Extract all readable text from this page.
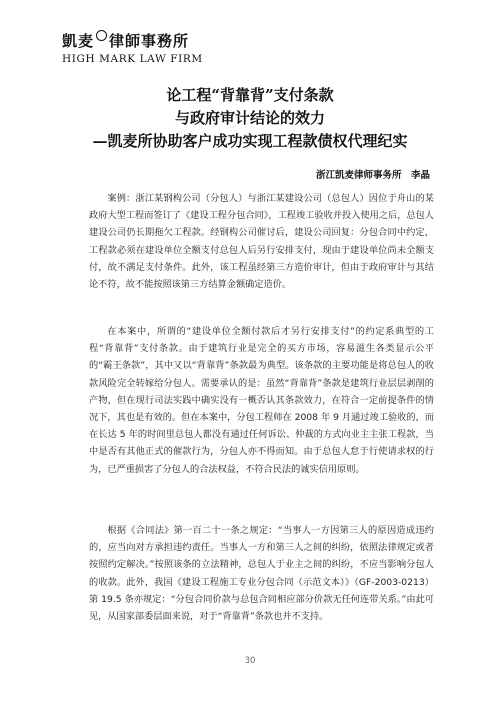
凱麦 ○ 律師事務所
HIGH MARK LAW FIRM
论工程“背靠背”支付条款
与政府审计结论的效力
—凯麦所协助客户成功实现工程款债权代理纪实
浙江凯麦律师事务所　李晶

案例：浙江某钢构公司（分包人）与浙江某建设公司（总包人）因位于舟山的某政府大型工程而签订了《建设工程分包合同》，工程竣工验收并投入使用之后，总包人建设公司仍长期拖欠工程款。经钢构公司催讨后，建设公司回复：分包合同中约定，工程款必须在建设单位全额支付总包人后另行安排支付，现由于建设单位尚未全额支付，故不满足支付条件。此外，该工程虽经第三方造价审计，但由于政府审计与其结论不符，故不能按照该第三方结算金额确定造价。

在本案中，所谓的“建设单位全额付款后才另行安排支付”的约定系典型的工程“背靠背”支付条款。由于建筑行业是完全的买方市场，容易滋生各类显示公平的“霸王条款”，其中又以“背靠背”条款最为典型。该条款的主要功能是将总包人的收款风险完全转嫁给分包人。需要承认的是：虽然“背靠背”条款是建筑行业层层剥削的产物，但在现行司法实践中确实没有一概否认其条款效力，在符合一定前提条件的情况下，其也是有效的。但在本案中，分包工程师在 2008 年 9 月通过竣工验收的，而在长达 5 年的时间里总包人都没有通过任何诉讼、仲裁的方式向业主主张工程款，当中是否有其他正式的催款行为，分包人亦不得而知。由于总包人怠于行使请求权的行为，已严重损害了分包人的合法权益，不符合民法的诚实信用原则。

根据《合同法》第一百二十一条之规定：“当事人一方因第三人的原因造成违约的，应当向对方承担违约责任。当事人一方和第三人之间的纠纷，依照法律规定或者按照约定解决。”按照该条的立法精神，总包人于业主之间的纠纷，不应当影响分包人的收款。此外，我国《建设工程施工专业分包合同（示范文本）》（GF-2003-0213）第 19.5 条亦规定：“分包合同价款与总包合同相应部分价款无任何连带关系。”由此可见，从国家部委层面来说，对于“背靠背”条款也并不支持。

30
